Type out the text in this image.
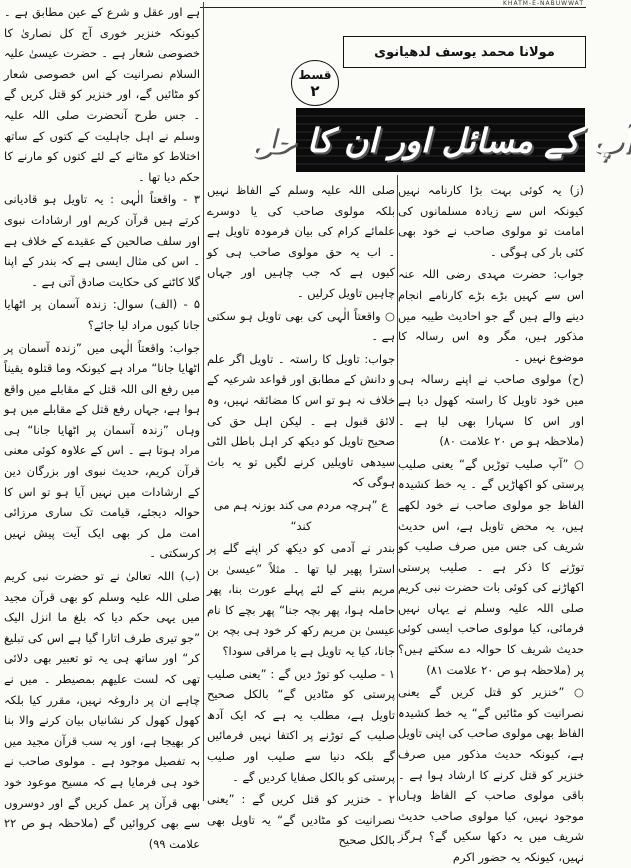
KHATM-E-NABUWWAT
مولانا محمد یوسف لدھیانوی
قسط
۲
آپ کے مسائل اور ان کا حل

(ز) یہ کوئی بہت بڑا کارنامہ نہیں کیونکہ اس سے زیادہ مسلمانوں کی امامت تو مولوی صاحب نے خود بھی کئی بار کی ہوگی ۔

جواب: حضرت مہدی رضی اللہ عنہ اس سے کہیں بڑے بڑے کارنامے انجام دینے والے ہیں گے جو احادیث طیبہ میں مذکور ہیں، مگر وہ اس رسالہ کا موضوع نہیں ۔

(ح) مولوی صاحب نے اپنے رسالہ ہی میں خود تاویل کا راستہ کھول دیا ہے اور اس کا سہارا بھی لیا ہے ۔ (ملاحظہ ہو ص ۲۰ علامت ۸۰)

○ ”آپ صلیب توڑیں گے“ یعنی صلیب پرستی کو اکھاڑیں گے ۔ یہ خط کشیدہ الفاظ جو مولوی صاحب نے خود لکھے ہیں، یہ محض تاویل ہے، اس حدیث شریف کی جس میں صرف صلیب کو توڑنے کا ذکر ہے ۔ صلیب پرستی اکھاڑنے کی کوئی بات حضرت نبی کریم صلی اللہ علیہ وسلم نے یہاں نہیں فرمائی، کیا مولوی صاحب ایسی کوئی حدیث شریف کا حوالہ دے سکتے ہیں؟ پر (ملاحظہ ہو ص ۲۰ علامت ۸۱)

○ ”خنزیر کو قتل کریں گے یعنی نصرانیت کو مٹائیں گے“ یہ خط کشیدہ الفاظ بھی مولوی صاحب کی اپنی تاویل ہے، کیونکہ حدیث مذکور میں صرف خنزیر کو قتل کرنے کا ارشاد ہوا ہے ۔ باقی مولوی صاحب کے الفاظ وہاں موجود نہیں، کیا مولوی صاحب حدیث شریف میں یہ دکھا سکیں گے؟ ہرگز نہیں، کیونکہ یہ حضور اکرم

صلی اللہ علیہ وسلم کے الفاظ نہیں بلکہ مولوی صاحب کی یا دوسرے علمائے کرام کی بیان فرمودہ تاویل ہے ۔ اب یہ حق مولوی صاحب ہی کو کیوں ہے کہ جب چاہیں اور جہاں چاہیں تاویل کرلیں ۔

○ واقعتاً الٰہی کی بھی تاویل ہو سکتی ہے ۔

جواب: تاویل کا راستہ ۔ تاویل اگر علم و دانش کے مطابق اور قواعد شرعیہ کے خلاف نہ ہو تو اس کا مضائقہ نہیں، وہ لائق قبول ہے ۔ لیکن اہل حق کی صحیح تاویل کو دیکھ کر اہل باطل الٹی سیدھی تاویلیں کرنے لگیں تو یہ بات ہوگی کہ

ع ”ہرچہ مردم می کند بوزنہ ہم می کند“

بندر نے آدمی کو دیکھ کر اپنے گلے پر استرا پھیر لیا تھا ۔ مثلاً ”عیسیٰ بن مریم بننے کے لئے پہلے عورت بنا، پھر حاملہ ہوا، پھر بچہ جنا“ پھر بچے کا نام عیسیٰ بن مریم رکھ کر خود ہی بچہ بن جانا، کیا یہ تاویل ہے یا مراقی سودا؟

۱ - صلیب کو توڑ دیں گے : ”یعنی صلیب پرستی کو مٹادیں گے“ بالکل صحیح تاویل ہے، مطلب یہ ہے کہ ایک آدھ صلیب کے توڑنے پر اکتفا نہیں فرمائیں گے بلکہ دنیا سے صلیب اور صلیب پرستی کو بالکل صفایا کردیں گے ۔

۲ - خنزیر کو قتل کریں گے : ”یعنی نصرانیت کو مٹادیں گے“ یہ تاویل بھی بالکل صحیح

ہے اور عقل و شرع کے عین مطابق ہے ۔ کیونکہ خنزیر خوری آج کل نصاریٰ کا خصوصی شعار ہے ۔ حضرت عیسیٰ علیہ السلام نصرانیت کے اس خصوصی شعار کو مٹائیں گے، اور خنزیر کو قتل کریں گے ۔ جس طرح آنحضرت صلی اللہ علیہ وسلم نے اہل جاہلیت کے کتوں کے ساتھ اختلاط کو مٹانے کے لئے کتوں کو مارنے کا حکم دیا تھا ۔

۳ - واقعتاً الٰہی : یہ تاویل ہو قادیانی کرتے ہیں قرآن کریم اور ارشادات نبوی اور سلف صالحین کے عقیدے کے خلاف ہے ۔ اس کی مثال ایسی ہے کہ بندر کے اپنا گلا کاٹنے کی حکایت صادق آتی ہے ۔

۵ - (الف) سوال: زندہ آسمان پر اٹھایا جانا کیوں مراد لیا جائے؟

جواب: واقعتاً الٰہی میں ”زندہ آسمان پر اٹھایا جانا“ مراد ہے کیونکہ وما قتلوہ یقیناً میں رفع الی اللہ قتل کے مقابلے میں واقع ہوا ہے، جہاں رفع قتل کے مقابلے میں ہو وہاں ”زندہ آسمان پر اٹھایا جانا“ ہی مراد ہوتا ہے ۔ اس کے علاوہ کوئی معنی قرآن کریم، حدیث نبوی اور بزرگان دین کے ارشادات میں نہیں آیا ہو تو اس کا حوالہ دیجئے، قیامت تک ساری مرزائی امت مل کر بھی ایک آیت پیش نہیں کرسکتی ۔

(ب) اللہ تعالیٰ نے تو حضرت نبی کریم صلی اللہ علیہ وسلم کو بھی قرآن مجید میں یہی حکم دیا کہ بلغ ما انزل الیک ”جو تیری طرف اتارا گیا ہے اس کی تبلیغ کر“ اور ساتھ ہی یہ تو تعبیر بھی دلائی تھی کہ لست علیھم بمصیطر ۔ میں نے چاہے ان پر داروغہ نہیں، مقرر کیا بلکہ کھول کھول کر نشانیاں بیان کرنے والا بنا کر بھیجا ہے، اور یہ سب قرآن مجید میں بہ تفصیل موجود ہے ۔ مولوی صاحب نے خود ہی فرمایا ہے کہ مسیح موعود خود بھی قرآن پر عمل کریں گے اور دوسروں سے بھی کروائیں گے (ملاحظہ ہو ص ۲۲ علامت ۹۹)
